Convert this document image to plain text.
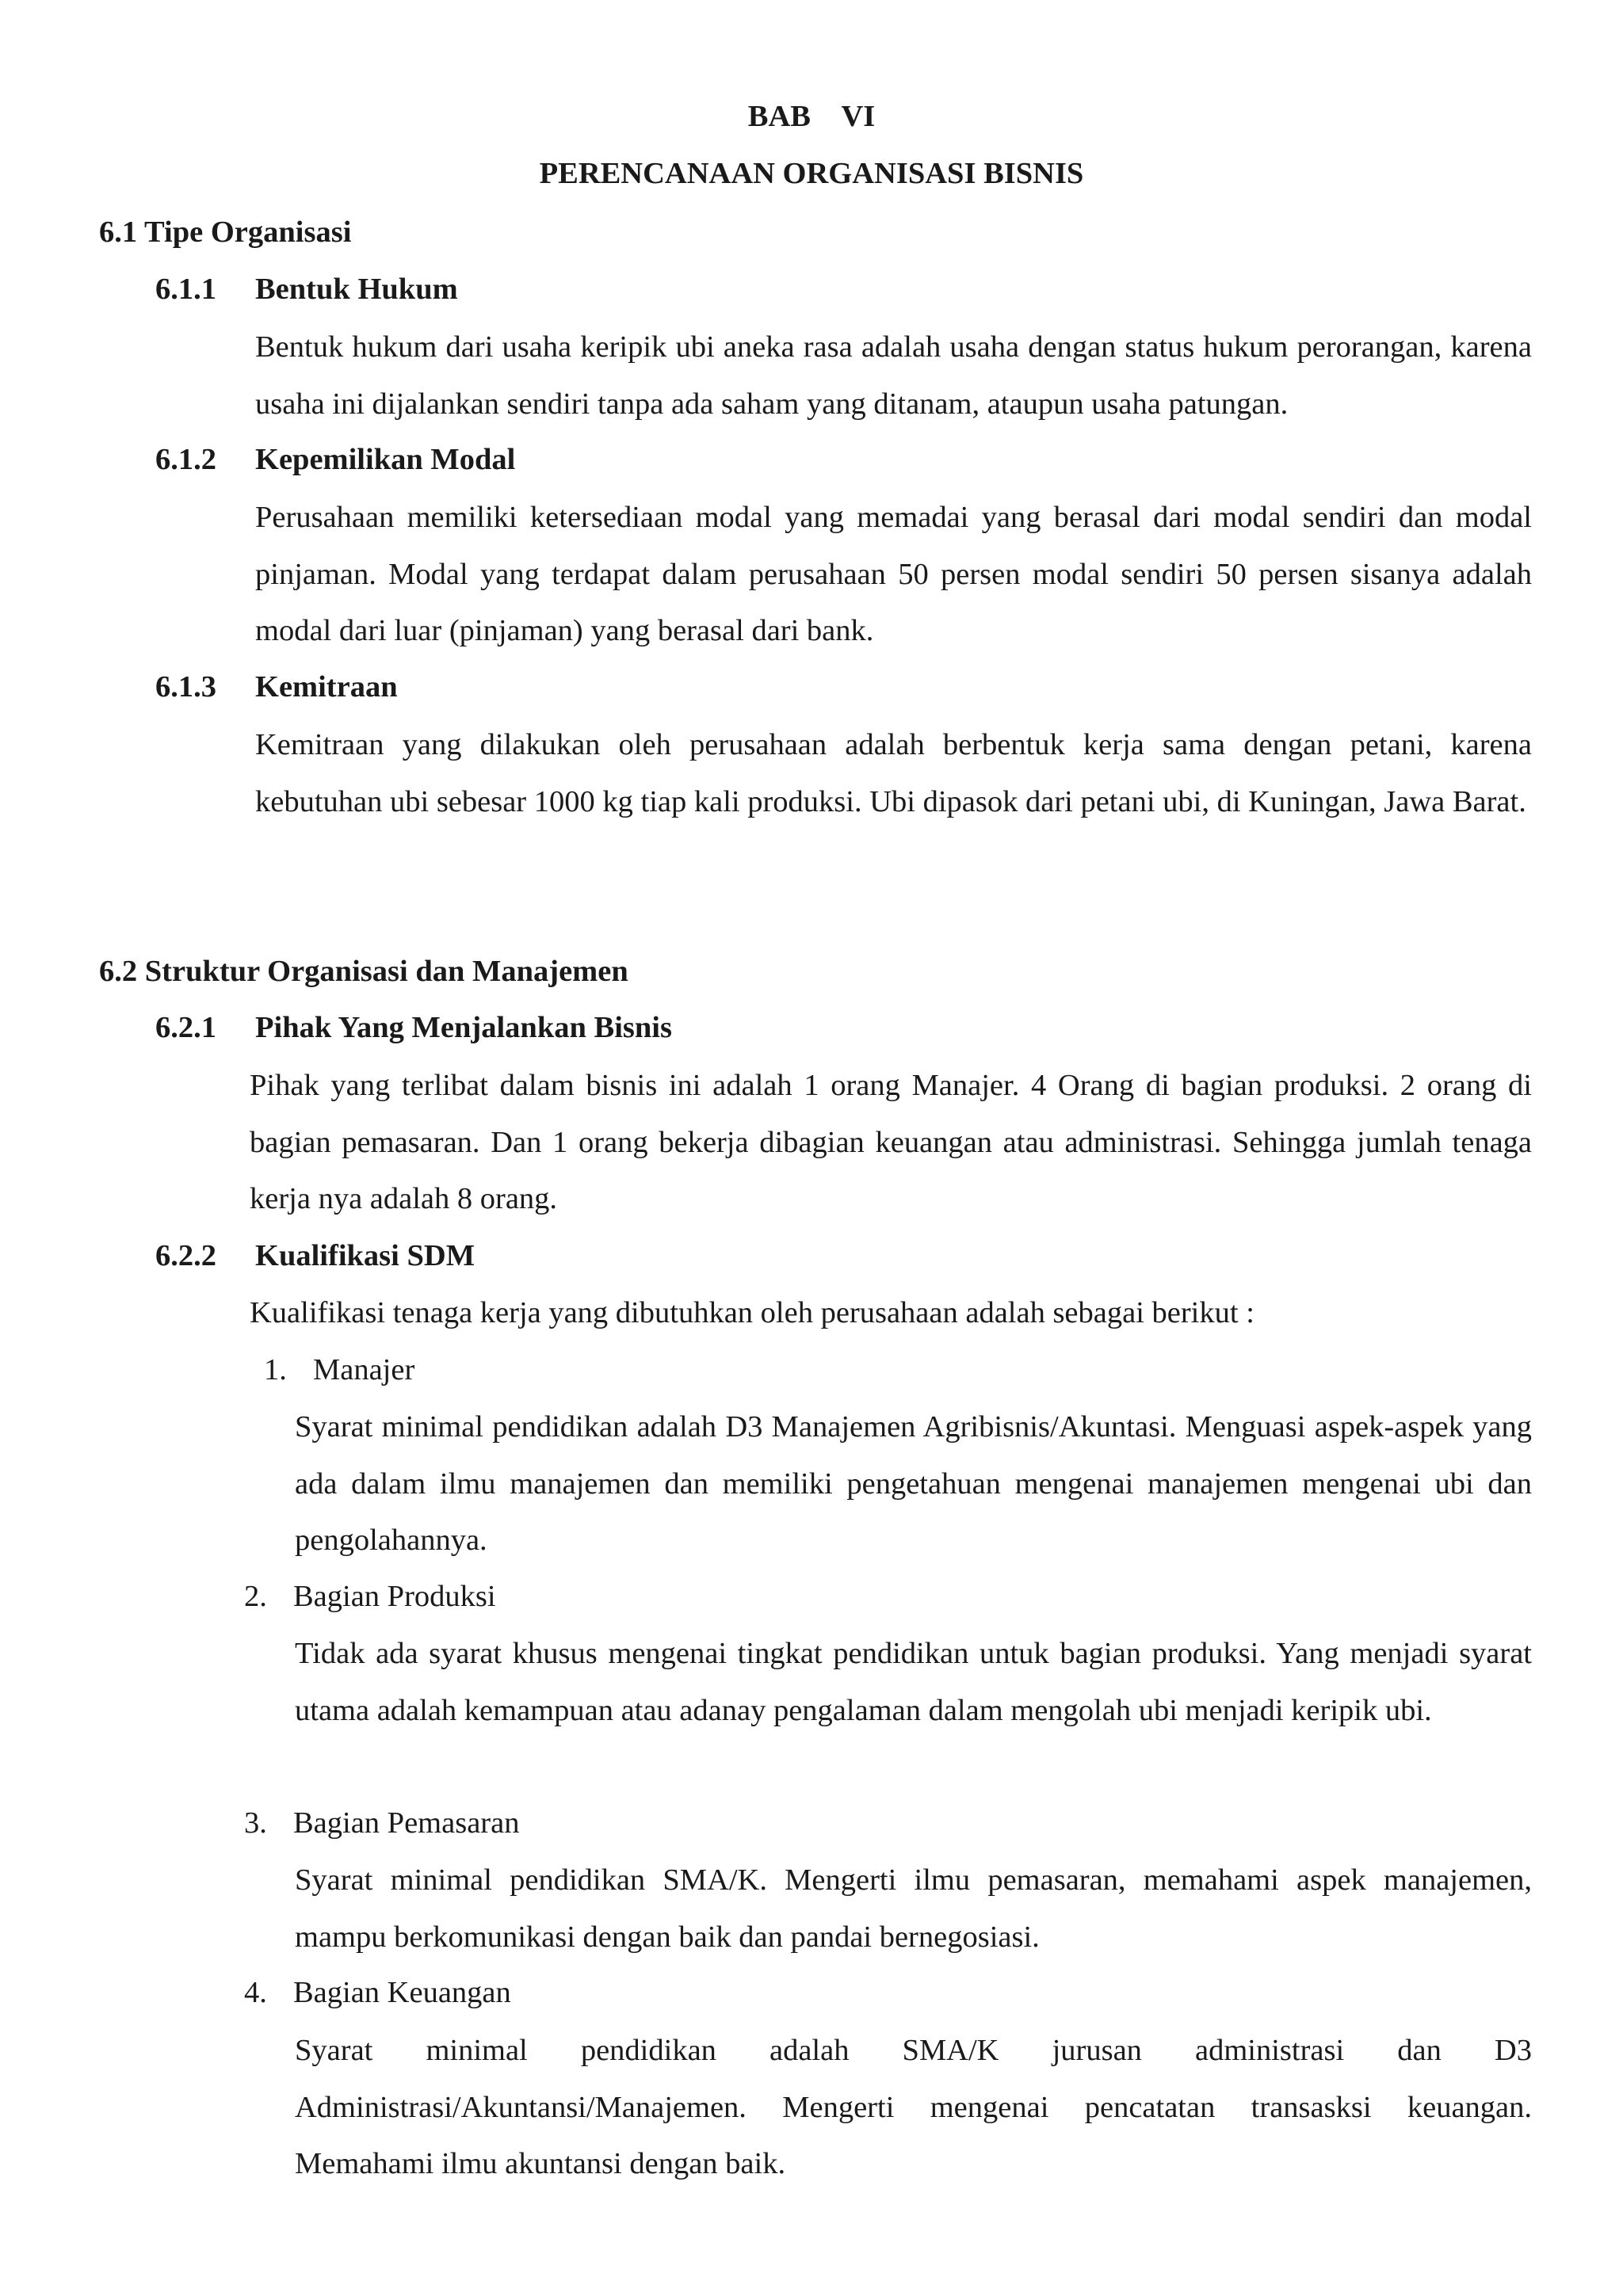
BAB VI
PERENCANAAN ORGANISASI BISNIS
6.1 Tipe Organisasi
6.1.1 Bentuk Hukum
Bentuk hukum dari usaha keripik ubi aneka rasa adalah usaha dengan status hukum perorangan, karena usaha ini dijalankan sendiri tanpa ada saham yang ditanam, ataupun usaha patungan.
6.1.2 Kepemilikan Modal
Perusahaan memiliki ketersediaan modal yang memadai yang berasal dari modal sendiri dan modal pinjaman. Modal yang terdapat dalam perusahaan 50 persen modal sendiri 50 persen sisanya adalah modal dari luar (pinjaman) yang berasal dari bank.
6.1.3 Kemitraan
Kemitraan yang dilakukan oleh perusahaan adalah berbentuk kerja sama dengan petani, karena kebutuhan ubi sebesar 1000 kg tiap kali produksi. Ubi dipasok dari petani ubi, di Kuningan, Jawa Barat.
6.2 Struktur Organisasi dan Manajemen
6.2.1 Pihak Yang Menjalankan Bisnis
Pihak yang terlibat dalam bisnis ini adalah 1 orang Manajer. 4 Orang di bagian produksi. 2 orang di bagian pemasaran. Dan 1 orang bekerja dibagian keuangan atau administrasi. Sehingga jumlah tenaga kerja nya adalah 8 orang.
6.2.2 Kualifikasi SDM
Kualifikasi tenaga kerja yang dibutuhkan oleh perusahaan adalah sebagai berikut :
1. Manajer
Syarat minimal pendidikan adalah D3 Manajemen Agribisnis/Akuntasi. Menguasi aspek-aspek yang ada dalam ilmu manajemen dan memiliki pengetahuan mengenai manajemen mengenai ubi dan pengolahannya.
2. Bagian Produksi
Tidak ada syarat khusus mengenai tingkat pendidikan untuk bagian produksi. Yang menjadi syarat utama adalah kemampuan atau adanay pengalaman dalam mengolah ubi menjadi keripik ubi.
3. Bagian Pemasaran
Syarat minimal pendidikan SMA/K. Mengerti ilmu pemasaran, memahami aspek manajemen, mampu berkomunikasi dengan baik dan pandai bernegosiasi.
4. Bagian Keuangan
Syarat minimal pendidikan adalah SMA/K jurusan administrasi dan D3 Administrasi/Akuntansi/Manajemen. Mengerti mengenai pencatatan transasksi keuangan. Memahami ilmu akuntansi dengan baik.
